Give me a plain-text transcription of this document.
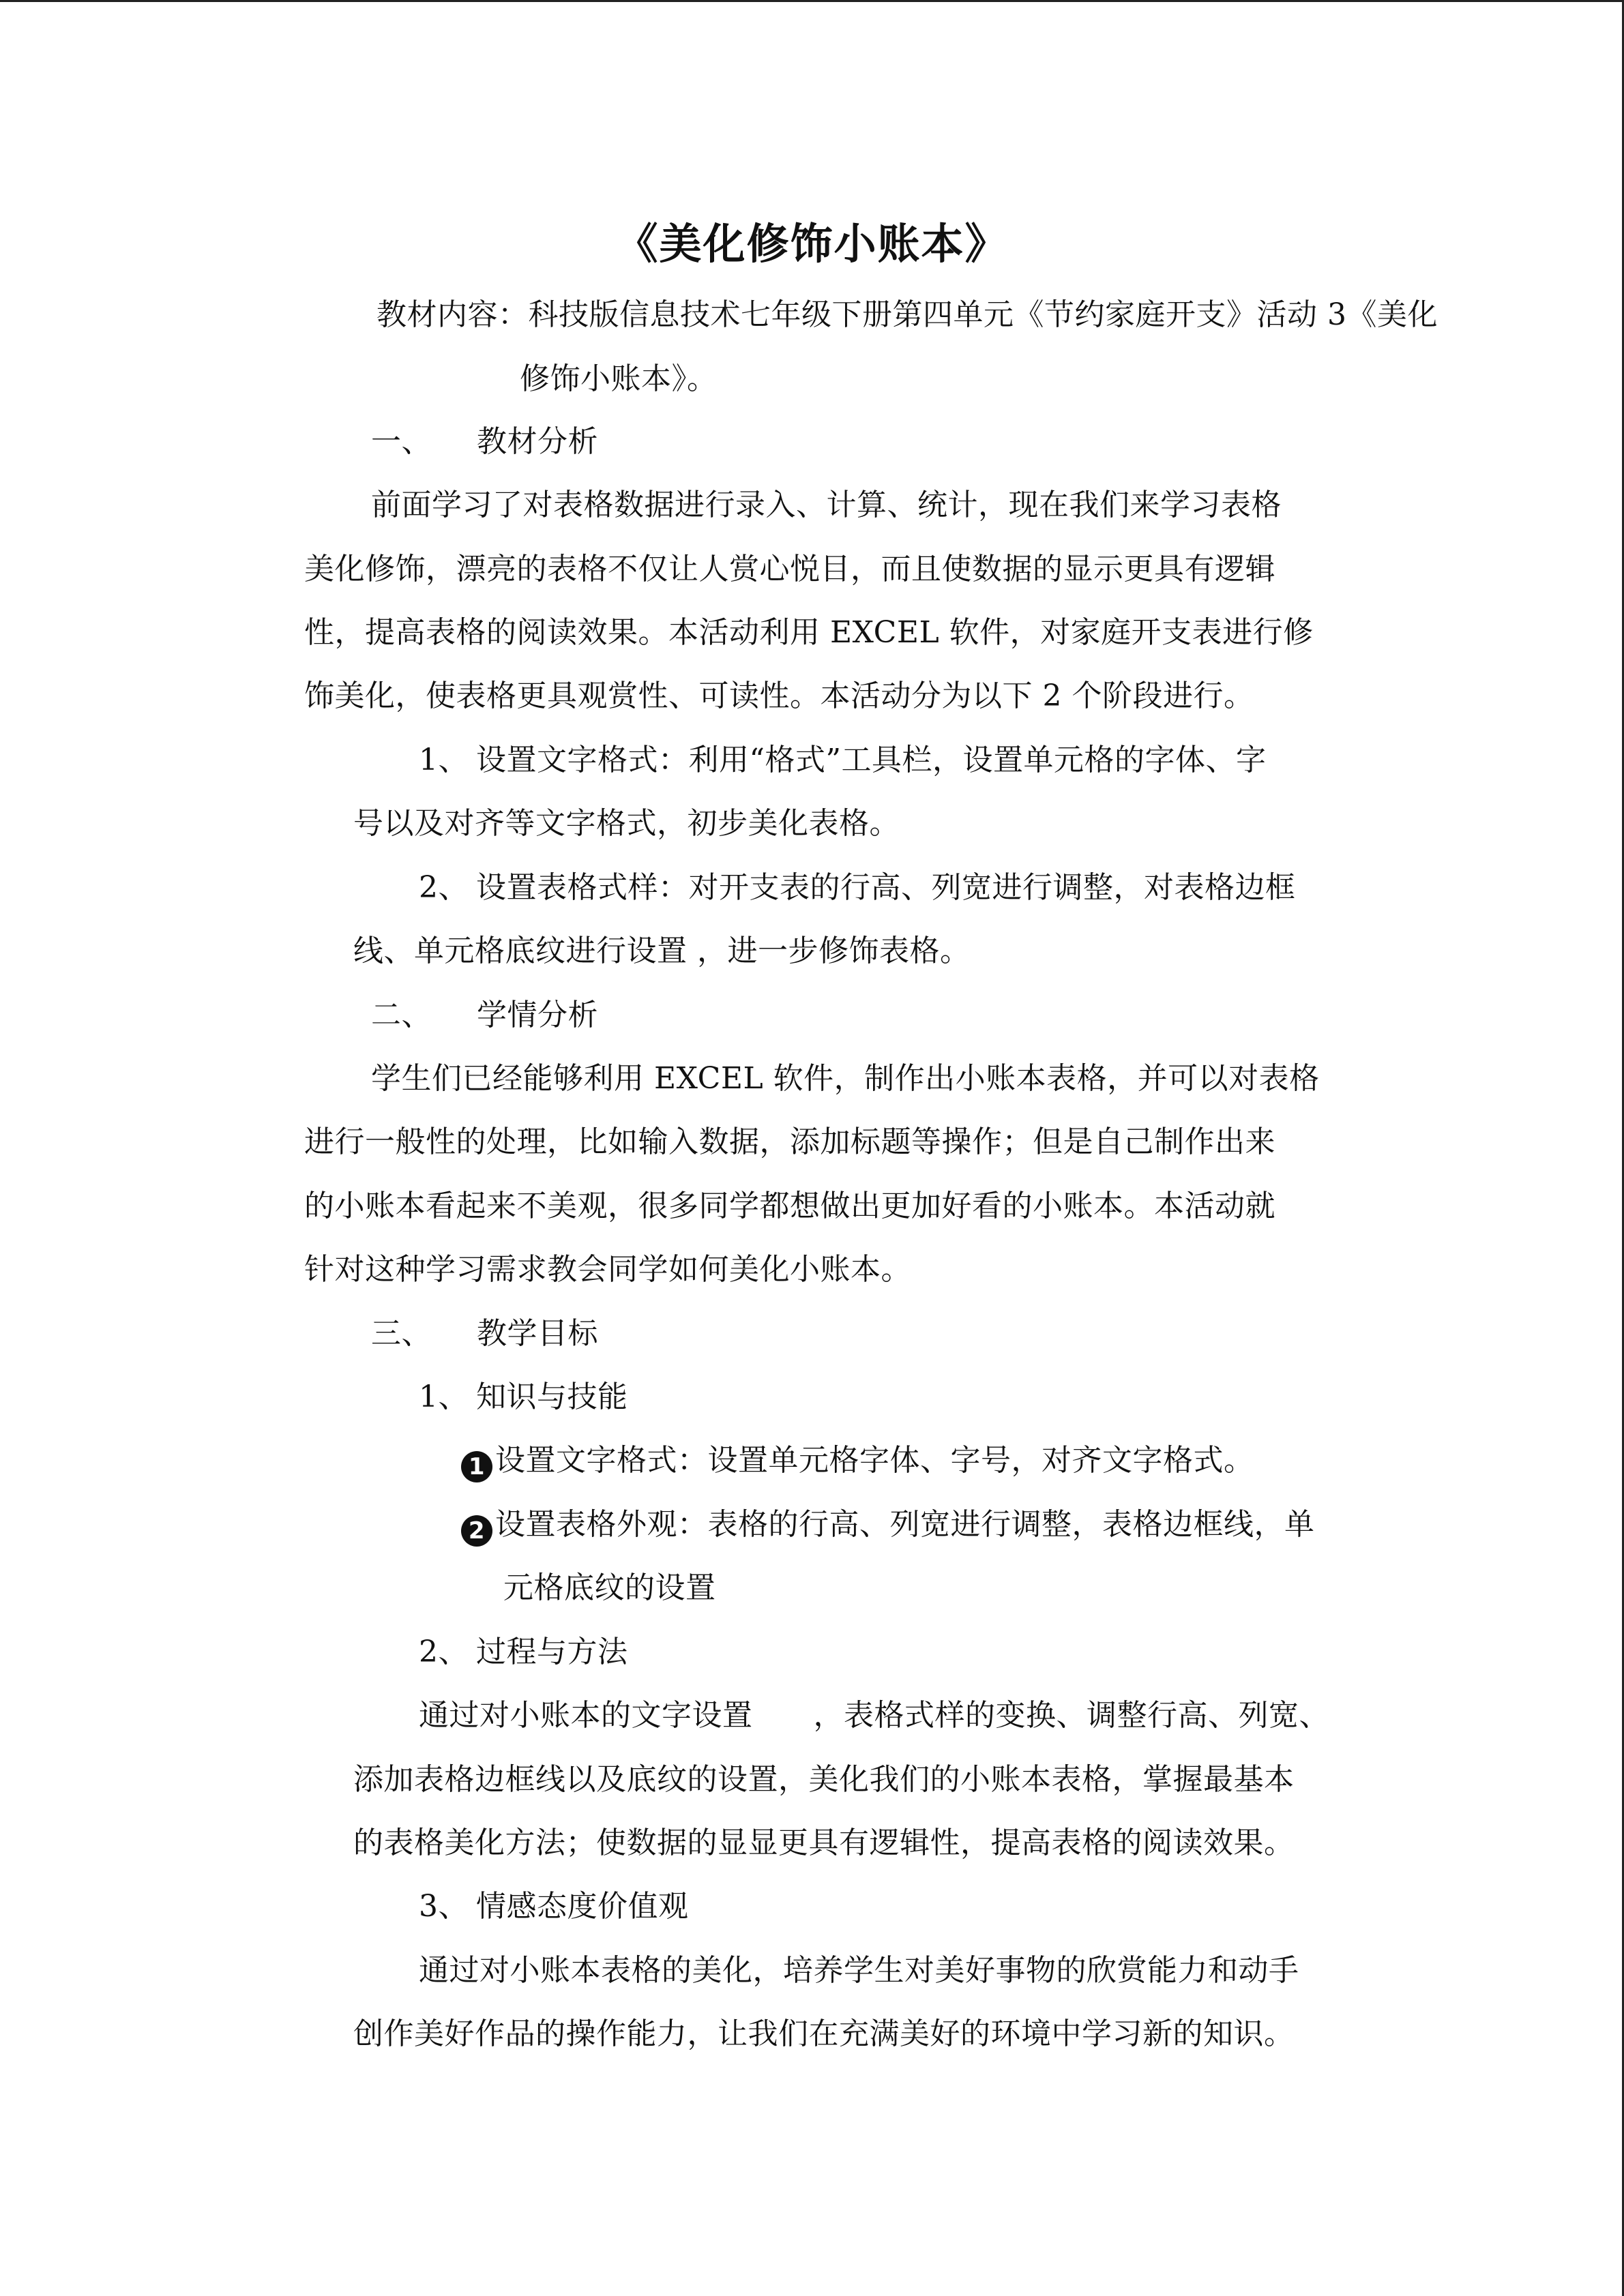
《美化修饰小账本》
教材内容：科技版信息技术七年级下册第四单元《节约家庭开支》活动 3《美化
修饰小账本》。
一、 教材分析
前面学习了对表格数据进行录入、计算、统计，现在我们来学习表格
美化修饰，漂亮的表格不仅让人赏心悦目，而且使数据的显示更具有逻辑
性，提高表格的阅读效果。本活动利用 EXCEL 软件，对家庭开支表进行修
饰美化，使表格更具观赏性、可读性。本活动分为以下 2 个阶段进行。
1、 设置文字格式：利用“格式”工具栏，设置单元格的字体、字
号以及对齐等文字格式，初步美化表格。
2、 设置表格式样：对开支表的行高、列宽进行调整，对表格边框
线、单元格底纹进行设置 ，进一步修饰表格。
二、 学情分析
学生们已经能够利用 EXCEL 软件，制作出小账本表格，并可以对表格
进行一般性的处理，比如输入数据，添加标题等操作；但是自己制作出来
的小账本看起来不美观，很多同学都想做出更加好看的小账本。本活动就
针对这种学习需求教会同学如何美化小账本。
三、 教学目标
1、 知识与技能
1 设置文字格式：设置单元格字体、字号，对齐文字格式。
2 设置表格外观：表格的行高、列宽进行调整，表格边框线，单
元格底纹的设置
2、 过程与方法
通过对小账本的文字设置　　，表格式样的变换、调整行高、列宽、
添加表格边框线以及底纹的设置，美化我们的小账本表格，掌握最基本
的表格美化方法；使数据的显显更具有逻辑性，提高表格的阅读效果。
3、 情感态度价值观
通过对小账本表格的美化，培养学生对美好事物的欣赏能力和动手
创作美好作品的操作能力，让我们在充满美好的环境中学习新的知识。
